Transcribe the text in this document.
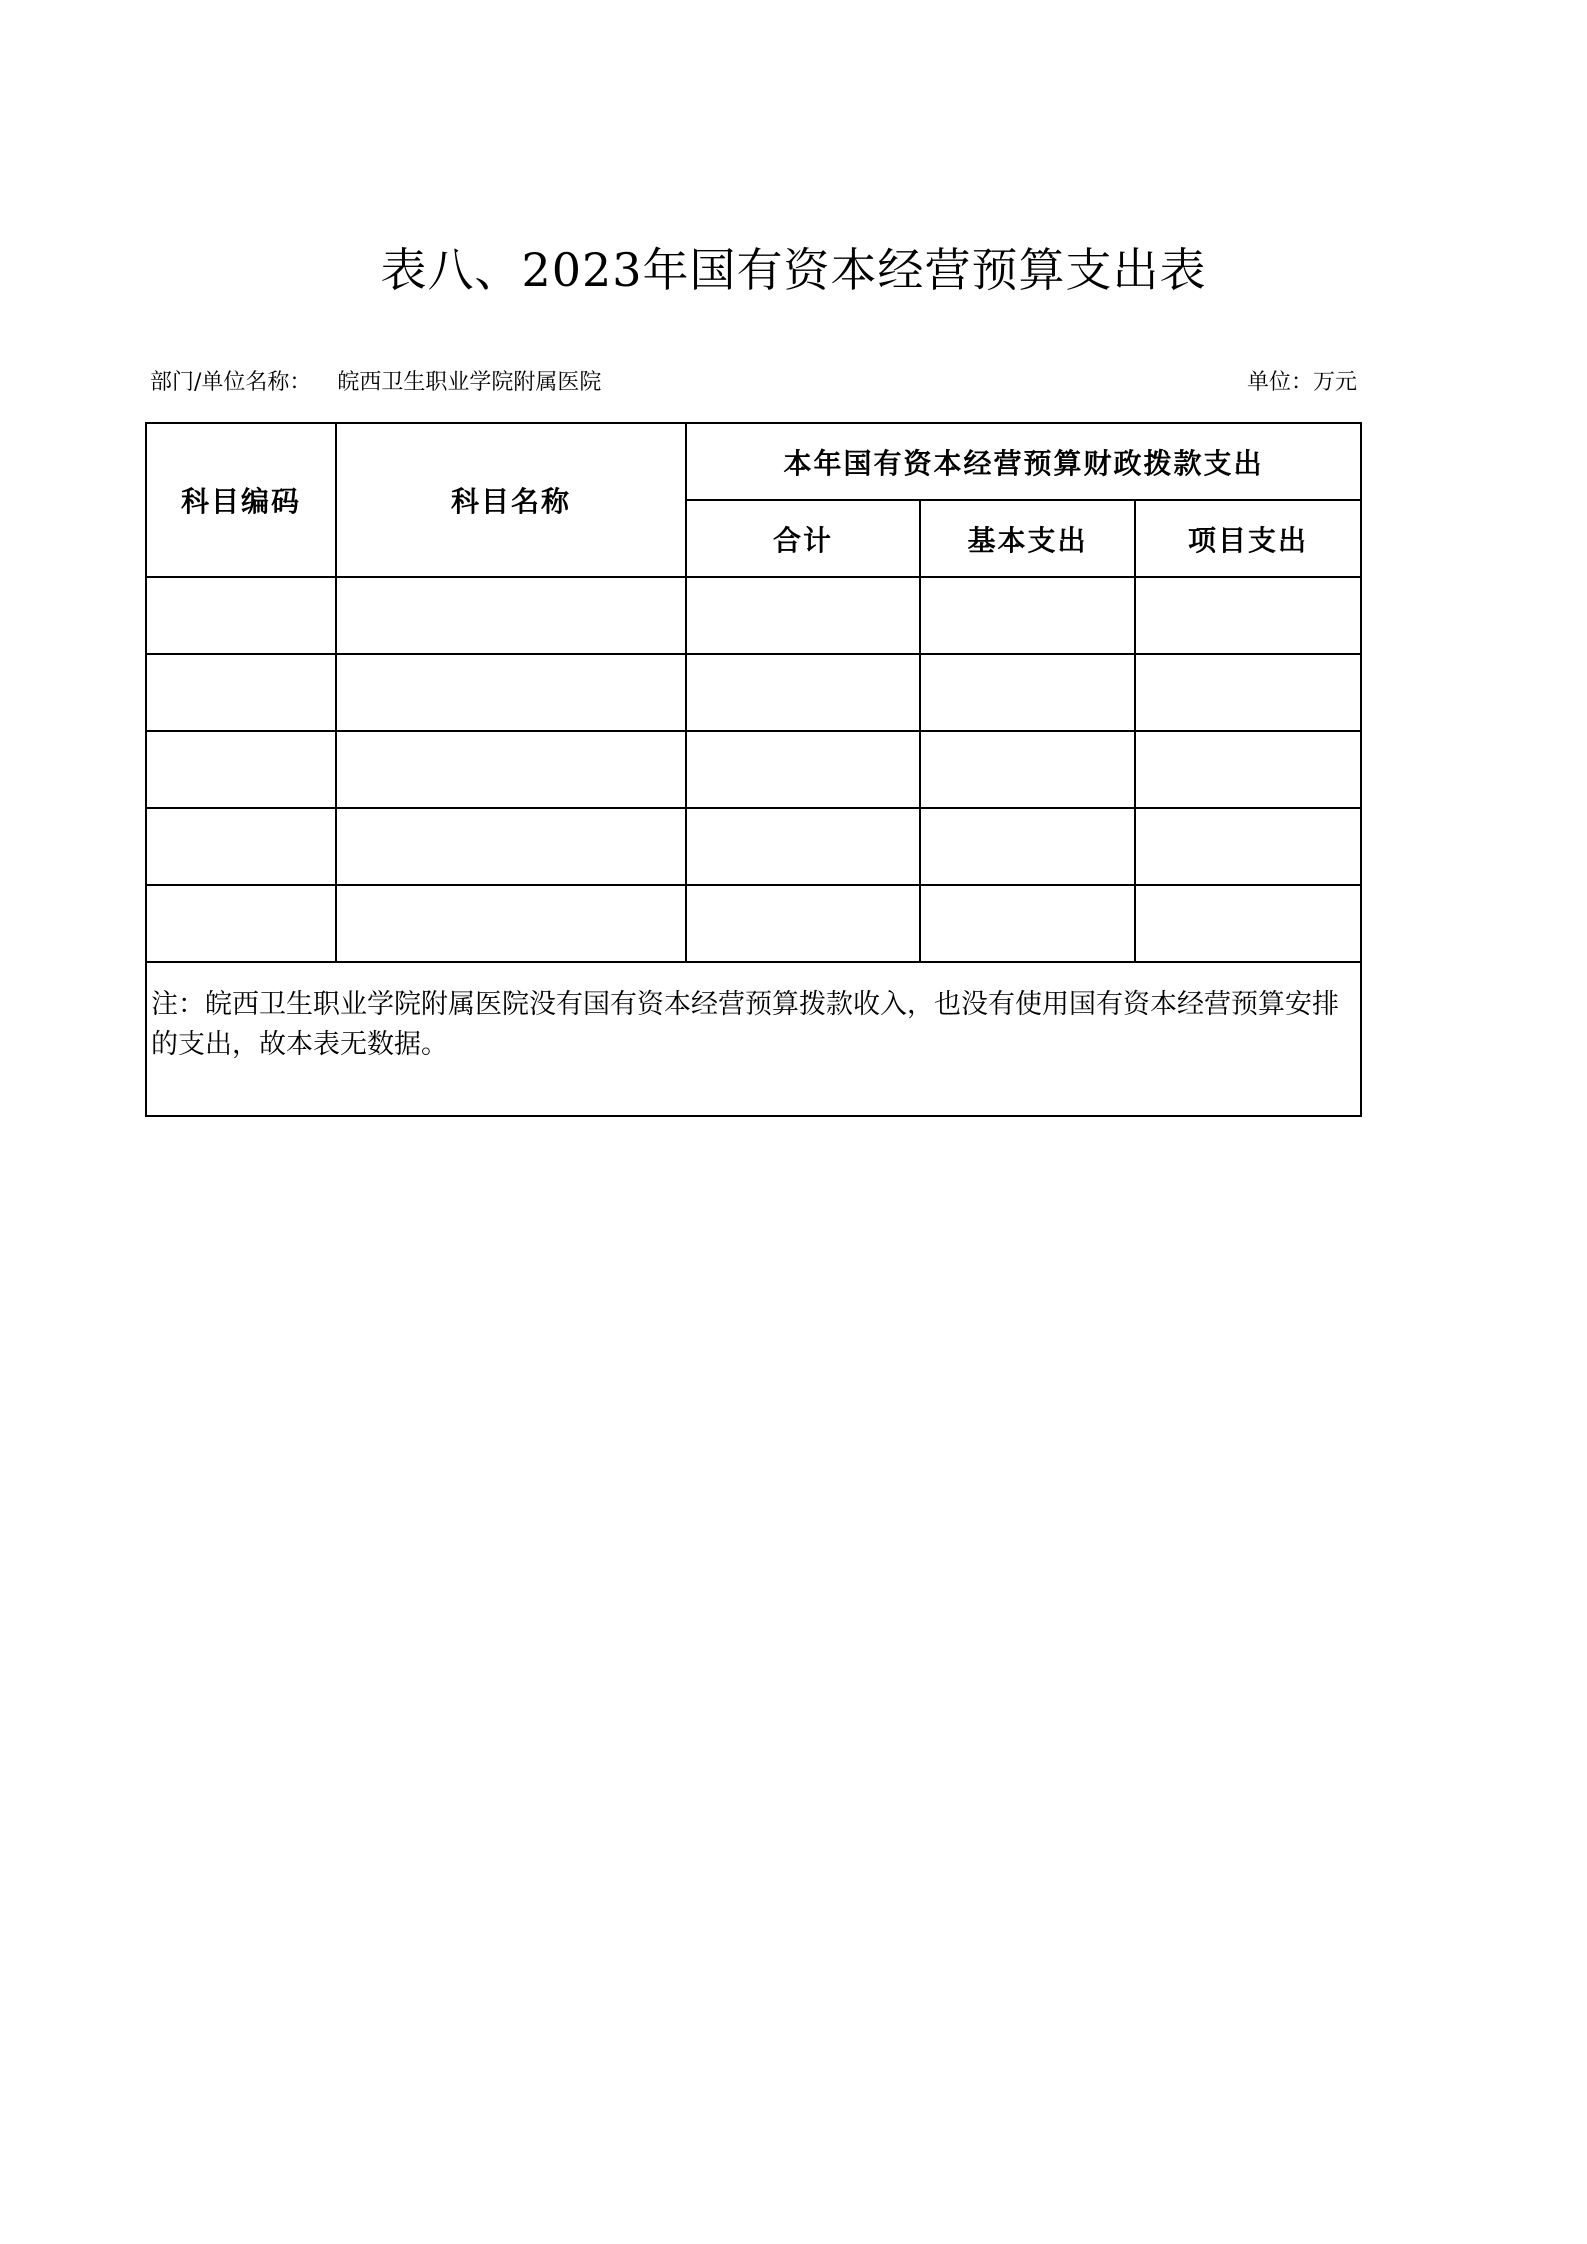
表八、2023年国有资本经营预算支出表
部门/单位名称： 皖西卫生职业学院附属医院	单位：万元
科目编码	科目名称	本年国有资本经营预算财政拨款支出		
		合计	基本支出	项目支出

注：皖西卫生职业学院附属医院没有国有资本经营预算拨款收入，也没有使用国有资本经营预算安排的支出，故本表无数据。				
